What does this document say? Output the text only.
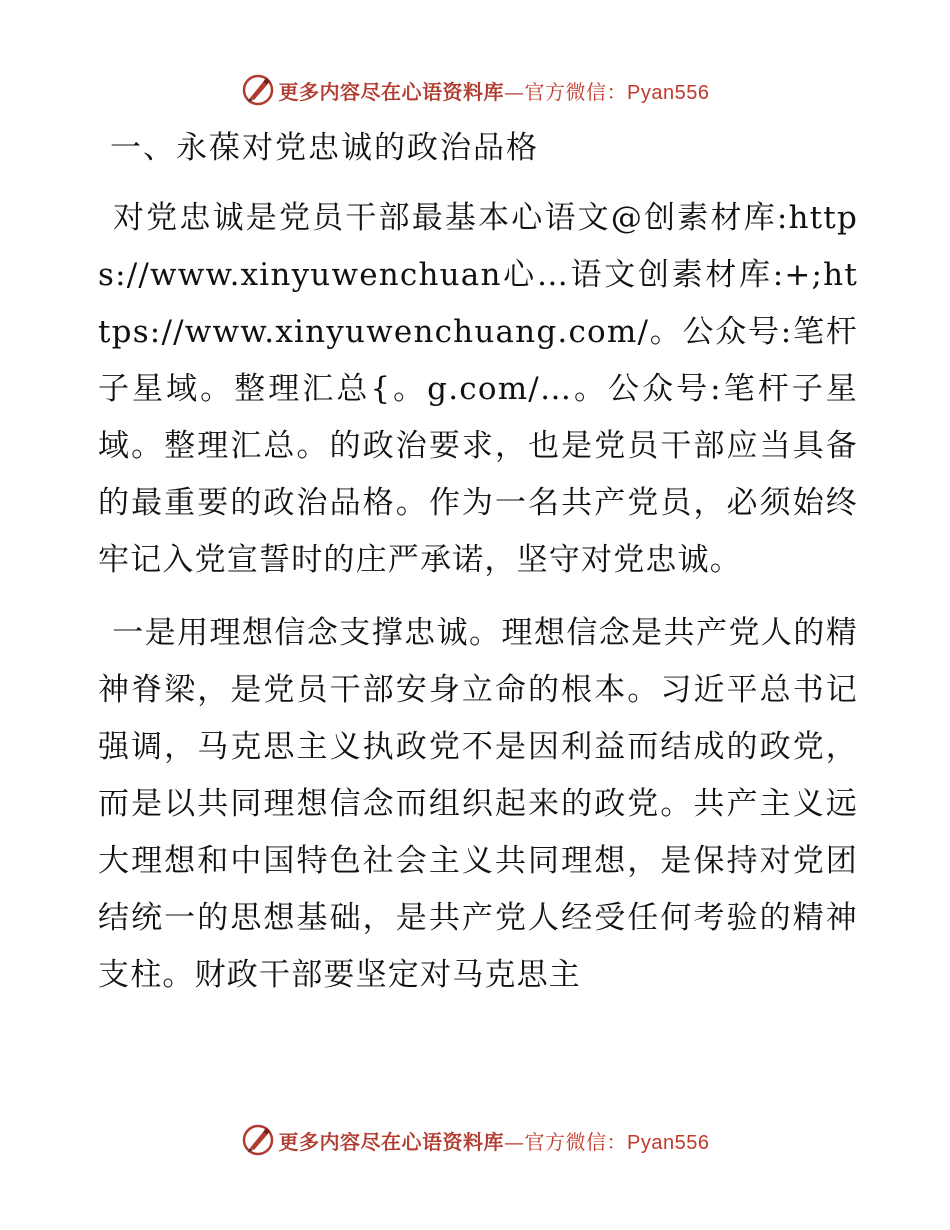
更多内容尽在心语资料库—官方微信：Pyan556
一、永葆对党忠诚的政治品格

对党忠诚是党员干部最基本心语文@创素材库:https://www.xinyuwenchuan心…语文创素材库:+;https://www.xinyuwenchuang.com/。公众号:笔杆子星域。整理汇总{。g.com/…。公众号:笔杆子星域。整理汇总。的政治要求，也是党员干部应当具备的最重要的政治品格。作为一名共产党员，必须始终牢记入党宣誓时的庄严承诺，坚守对党忠诚。

一是用理想信念支撑忠诚。理想信念是共产党人的精神脊梁，是党员干部安身立命的根本。习近平总书记强调，马克思主义执政党不是因利益而结成的政党，而是以共同理想信念而组织起来的政党。共产主义远大理想和中国特色社会主义共同理想，是保持对党团结统一的思想基础，是共产党人经受任何考验的精神支柱。财政干部要坚定对马克思主

更多内容尽在心语资料库—官方微信：Pyan556
